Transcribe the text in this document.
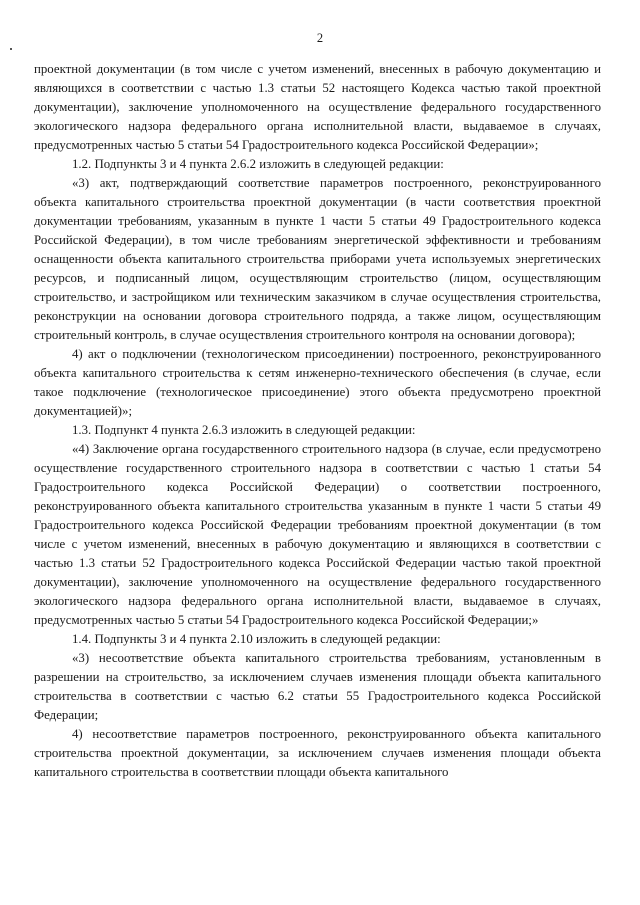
2

проектной документации (в том числе с учетом изменений, внесенных в рабочую документацию и являющихся в соответствии с частью 1.3 статьи 52 настоящего Кодекса частью такой проектной документации), заключение уполномоченного на осуществление федерального государственного экологического надзора федерального органа исполнительной власти, выдаваемое в случаях, предусмотренных частью 5 статьи 54 Градостроительного кодекса Российской Федерации»;

1.2. Подпункты 3 и 4 пункта 2.6.2 изложить в следующей редакции:

«3) акт, подтверждающий соответствие параметров построенного, реконструированного объекта капитального строительства проектной документации (в части соответствия проектной документации требованиям, указанным в пункте 1 части 5 статьи 49 Градостроительного кодекса Российской Федерации), в том числе требованиям энергетической эффективности и требованиям оснащенности объекта капитального строительства приборами учета используемых энергетических ресурсов, и подписанный лицом, осуществляющим строительство (лицом, осуществляющим строительство, и застройщиком или техническим заказчиком в случае осуществления строительства, реконструкции на основании договора строительного подряда, а также лицом, осуществляющим строительный контроль, в случае осуществления строительного контроля на основании договора);

4) акт о подключении (технологическом присоединении) построенного, реконструированного объекта капитального строительства к сетям инженерно-технического обеспечения (в случае, если такое подключение (технологическое присоединение) этого объекта предусмотрено проектной документацией)»;

1.3. Подпункт 4 пункта 2.6.3 изложить в следующей редакции:

«4) Заключение органа государственного строительного надзора (в случае, если предусмотрено осуществление государственного строительного надзора в соответствии с частью 1 статьи 54 Градостроительного кодекса Российской Федерации) о соответствии построенного, реконструированного объекта капитального строительства указанным в пункте 1 части 5 статьи 49 Градостроительного кодекса Российской Федерации требованиям проектной документации (в том числе с учетом изменений, внесенных в рабочую документацию и являющихся в соответствии с частью 1.3 статьи 52 Градостроительного кодекса Российской Федерации частью такой проектной документации), заключение уполномоченного на осуществление федерального государственного экологического надзора федерального органа исполнительной власти, выдаваемое в случаях, предусмотренных частью 5 статьи 54 Градостроительного кодекса Российской Федерации;»

1.4. Подпункты 3 и 4 пункта 2.10 изложить в следующей редакции:

«3) несоответствие объекта капитального строительства требованиям, установленным в разрешении на строительство, за исключением случаев изменения площади объекта капитального строительства в соответствии с частью 6.2 статьи 55 Градостроительного кодекса Российской Федерации;

4) несоответствие параметров построенного, реконструированного объекта капитального строительства проектной документации, за исключением случаев изменения площади объекта капитального строительства в соответствии площади объекта капитального
